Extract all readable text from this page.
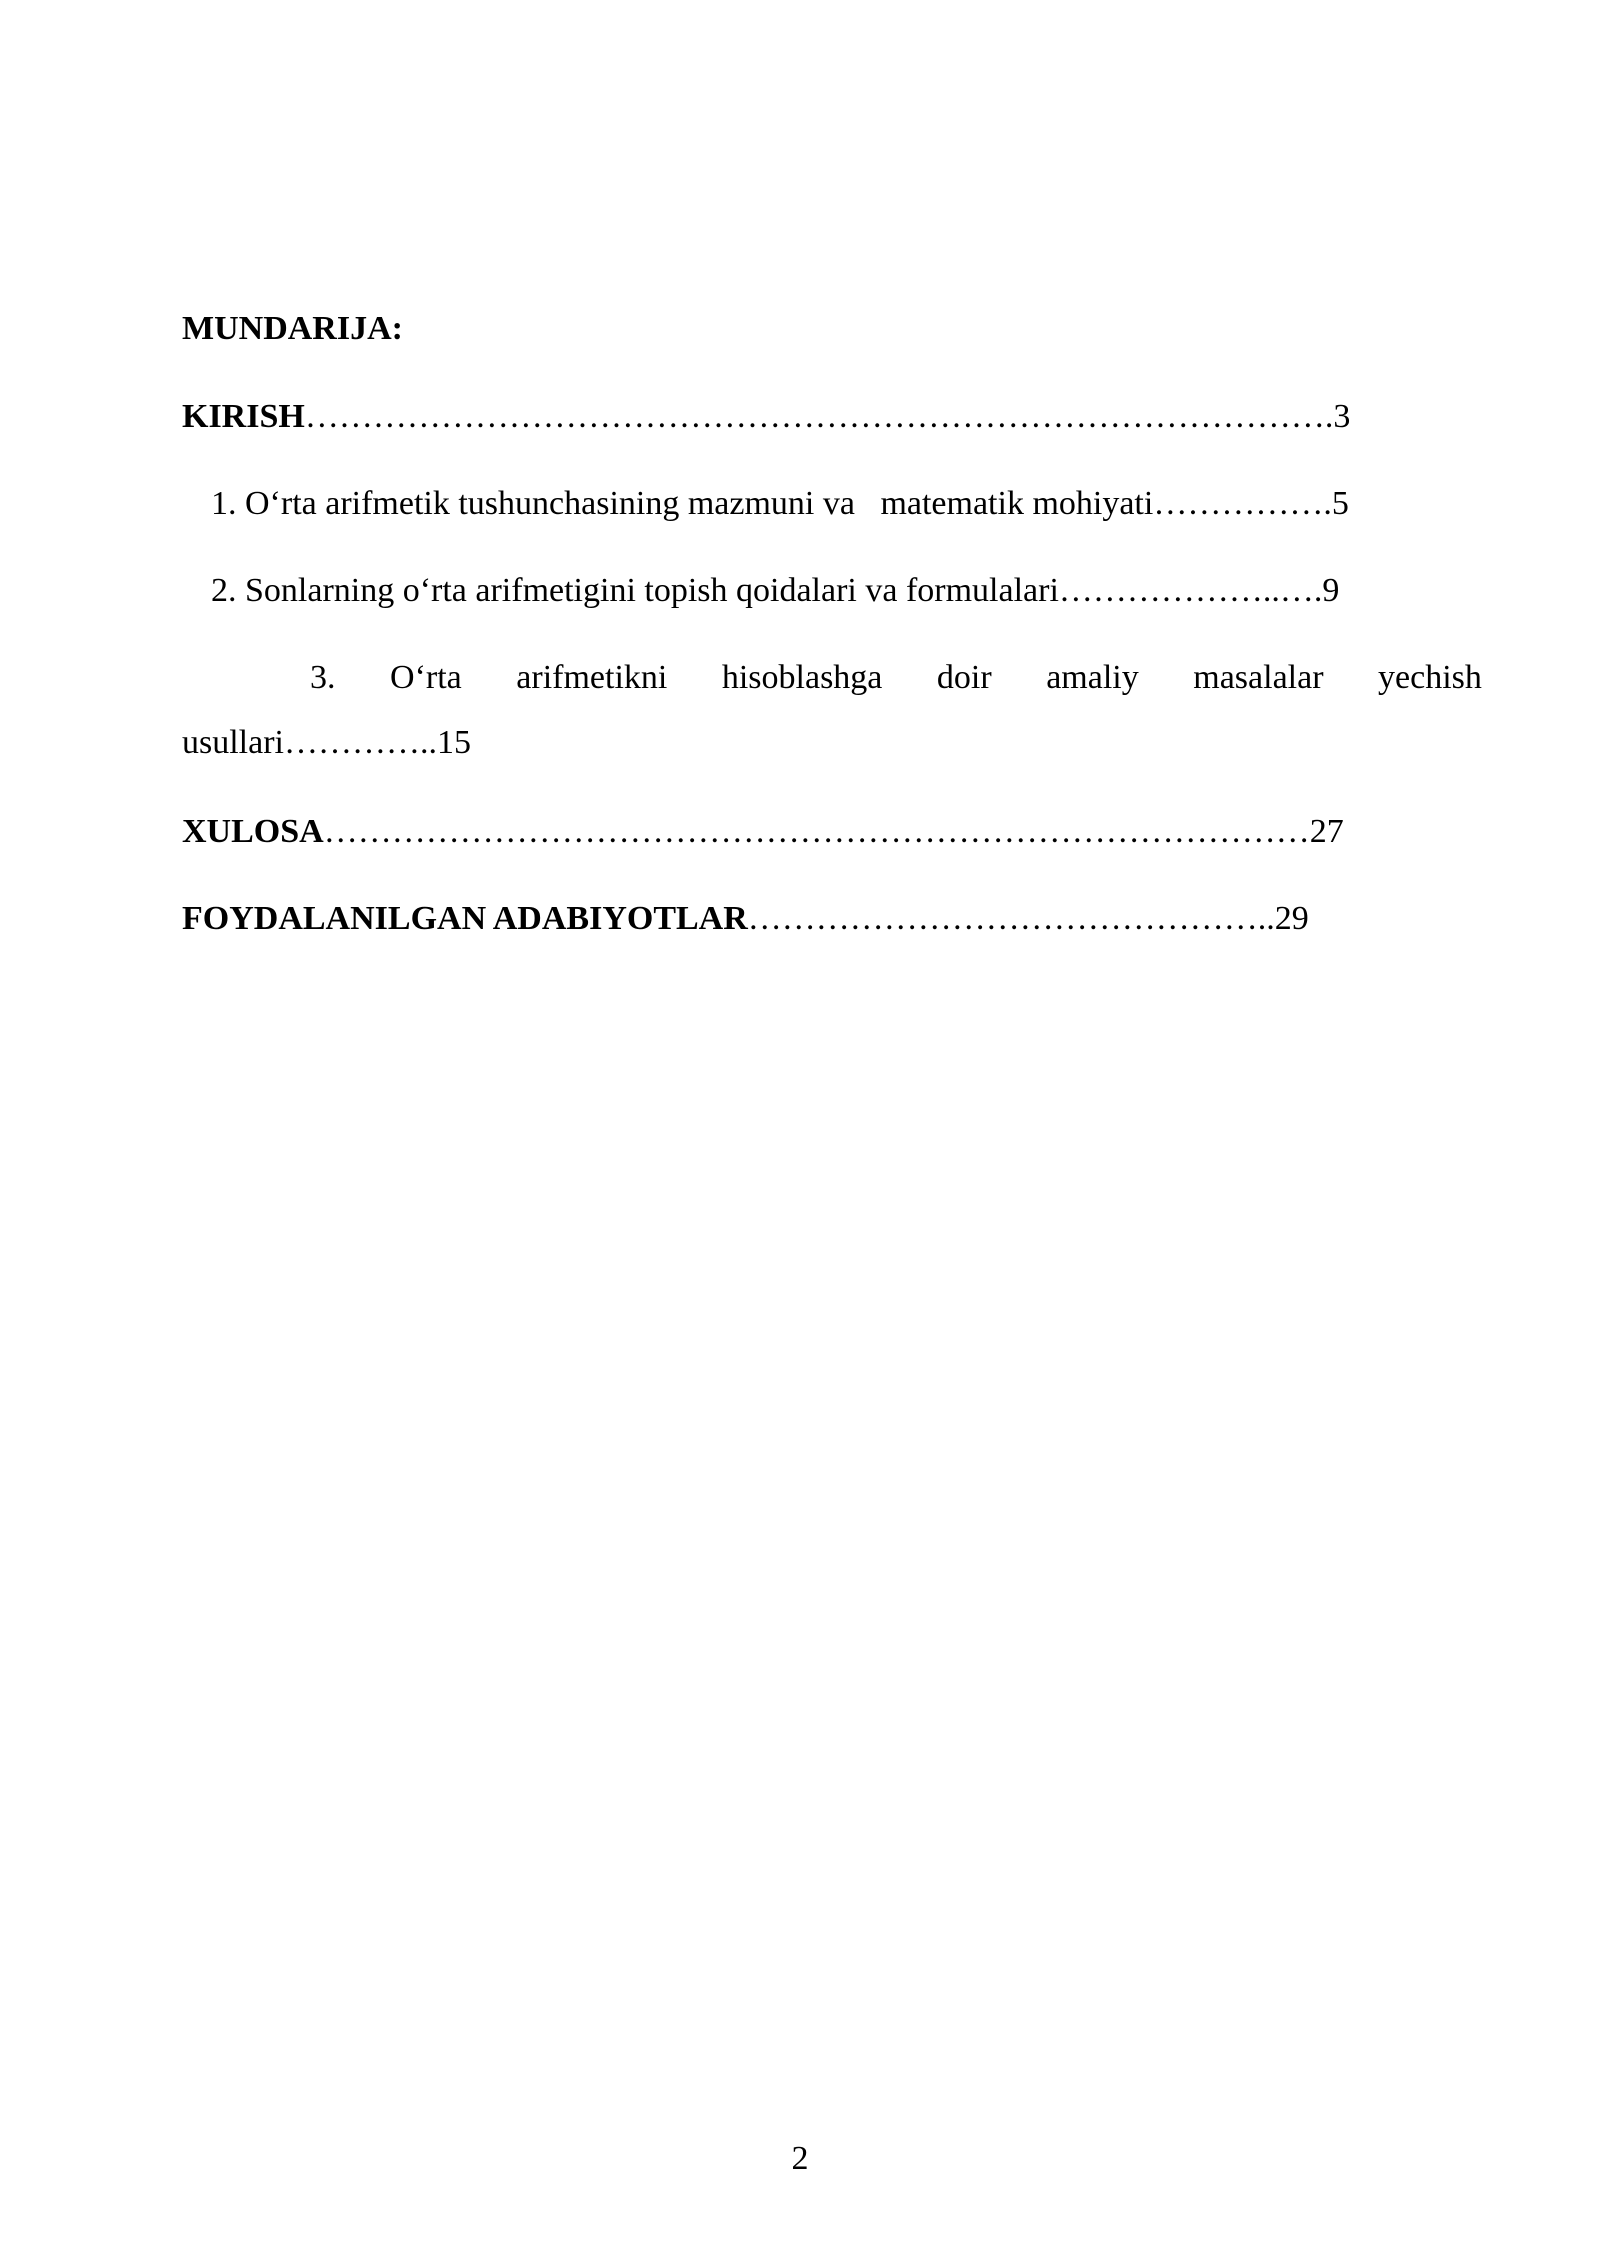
MUNDARIJA:
KIRISH……………………………………………………………………………….3
1. O‘rta arifmetik tushunchasining mazmuni va   matematik mohiyati…………….5
2. Sonlarning o‘rta arifmetigini topish qoidalari va formulalari………………..….9
3. O‘rta arifmetikni hisoblashga doir amaliy masalalar yechish
usullari…………..15
XULOSA……………………………………………………………………………27
FOYDALANILGAN ADABIYOTLAR………………………………………..29
2
